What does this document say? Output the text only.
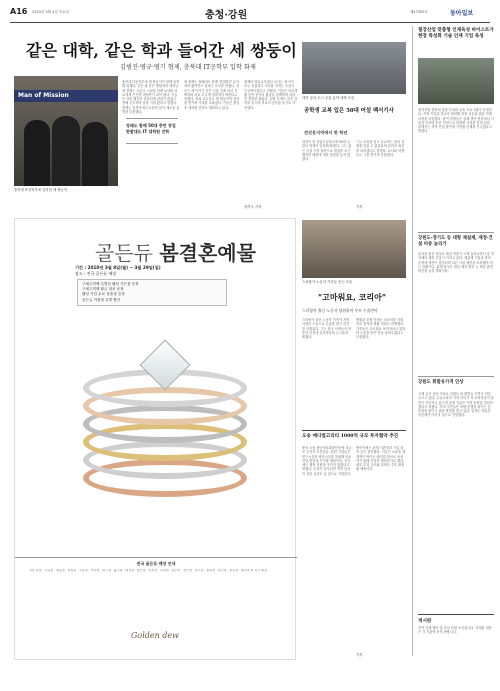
A16 2010년 3월 4일 목요일	충청·강원	제27555호	동아일보
같은 대학, 같은 학과 들어간 세 쌍둥이
김범진·병규·병기 형제, 충북대 IT공학부 입학 화제
Man of Mission
충북대 IT공학부에 입학한 세 쌍둥이
충북대 IT공학부에 세 쌍둥이가 함께 입학해 화제다. 같은 날 같은 병원에서 태어난 세 형제는 초중고 시절을 함께 보내며 서로에게 든든한 버팀목이 되어 왔다. 이들은 어릴 때부터 컴퓨터에 관심이 많았고 함께 공부하며 꿈을 키워 왔다고 말했다. 형제는 입학식에서 나란히 앉아 새로운 출발을 다짐했다.
장래도 함께 50대 중반 창업
한밭대도 IT 대학원 진학
세 형제는 장래에도 함께 창업해 IT 분야에서 활약하고 싶다는 포부를 밝혔다. 부모는 세 아이가 같은 길을 걷게 되어 기쁘다며 서로 도우며 성장하길 바란다고 말했다. 학과 교수들도 세 쌍둥이의 입학을 반기며 기대를 나타냈다. 이들은 졸업 후 대학원 진학도 계획하고 있다.
형제의 담임교사였던 교사는 세 아이 모두 성실하고 서로를 아끼는 모습이 인상적이었다고 전했다. 이들은 학교생활 동안 동아리 활동도 함께하며 다양한 경험을 쌓았다. 입학 후에도 같은 강의를 들으며 서로의 공부를 돕기로 약속했다.
장기우 기자
대전 공과 도시 공업 분야 대학 모습
공학생 교복 입은 50대 어설 백서기사
전진운지역에서 한 학년
대전의 한 공업고등학교에 50대 늦깎이 학생이 입학해 화제다. 그는 젊은 시절 가정 형편으로 학업을 포기했지만 배움에 대한 열정을 놓지 않았다.
그는 교복을 입고 등교하는 첫날 설렘을 감출 수 없었다며 끝까지 최선을 다하겠다고 말했다. 교사와 학생들도 그를 반기며 응원했다.
기자
철강산업 맞춤형 인재육성 바이스트가 현장 특성화 기술 인재 기업 육성
철강산업 현장에 맞춘 특성화 교육 프로그램이 운영된다. 지역 기업과 학교가 협력해 현장 실습과 취업 연계 과정을 마련했다. 참여 학생들은 실제 생산 현장에서 기술을 익히며 전문 인력으로 성장할 기회를 얻게 된다. 관계자는 지역 산업 발전에 기여할 인재를 키우겠다고 밝혔다.
강원도-경기도 등 대형 제설제, 재정·건설 비중 늘리기
올겨울 잦은 폭설로 제설 비용이 크게 늘어나면서 각 지자체의 재정 부담이 커지고 있다. 제설제 구입과 장비 운영에 예산이 집중되며 다른 사업 예산을 조정해야 하는 상황이다. 관계 당국은 내년 예산 편성 시 제설 관련 비중을 늘릴 계획이다.
강원도 휘발유가격 인상
국제 유가 상승 여파로 강원도 내 휘발유 가격이 연일 오르고 있다. 주유소마다 가격 차이가 커 소비자들의 불만이 이어지고 있으며 관계 기관은 가격 동향을 점검하겠다고 밝혔다. 지역 주민들은 차량 운행을 줄이는 등 부담을 줄이기 위한 방법을 찾고 있다. 업계는 당분간 상승세가 이어질 것으로 전망했다.
게시판
지역 단체 행사 및 모임 안내 소식입니다. 자세한 내용은 각 기관에 문의 바랍니다.
골든듀 봄결혼예물
기간 : 2010년 3월 8일(월) ~ 3월 29일(일)
장소 : 전국 골든듀 매장
구매고객께 특별한 웨딩 사은품 증정
구매고객께 황금 열쇠 증정
웨딩 기념 무료 상품권 증정
골든듀 커플링 특별 할인
전국 골든듀 매장 안내
서울 본점 · 강남점 · 명동점 · 잠실점 · 목동점 · 부산점 · 대구점 · 광주점 · 대전점 · 울산점 · 인천점 · 수원점 · 청주점 · 천안점 · 전주점 · 창원점 · 원주점 · 춘천점 · 제주점 외 전국 매장
Golden dew
스리랑카 노동자 가족들 웃는 모습
"고마워요, 코리아"
스리랑카 출신 노동자 당원하며 부모 수술받아
스리랑카 출신 노동자 가족이 지역 사회의 도움으로 수술을 받고 건강을 되찾았다. 그는 한국 사람들의 따뜻한 마음에 감사하다며 눈시울을 붉혔다.
병원과 후원 단체는 치료비를 지원하고 통역과 생활 지원도 함께했다. 가족들은 고마워요 코리아라고 말하며 도움을 받은 만큼 돌려주겠다고 다짐했다.
오송 메디컬고리티 1000억 규모 투자협약 추진
충북 오송 첨단의료복합단지에 대규모 투자가 추진된다. 관련 기업들은 연구시설과 생산시설을 건립해 의료 산업 발전에 기여할 계획이다. 지자체는 행정 지원을 아끼지 않겠다고 밝혔다. 투자가 성사되면 지역 일자리 창출 효과도 클 것으로 기대된다.
협약식에는 관계 기관장과 기업 대표 등이 참석했다. 이들은 오송을 세계적인 바이오 메디컬 허브로 육성하기 위해 긴밀히 협력하기로 했다. 세부 투자 규모와 일정은 추후 확정될 예정이다.
기자
